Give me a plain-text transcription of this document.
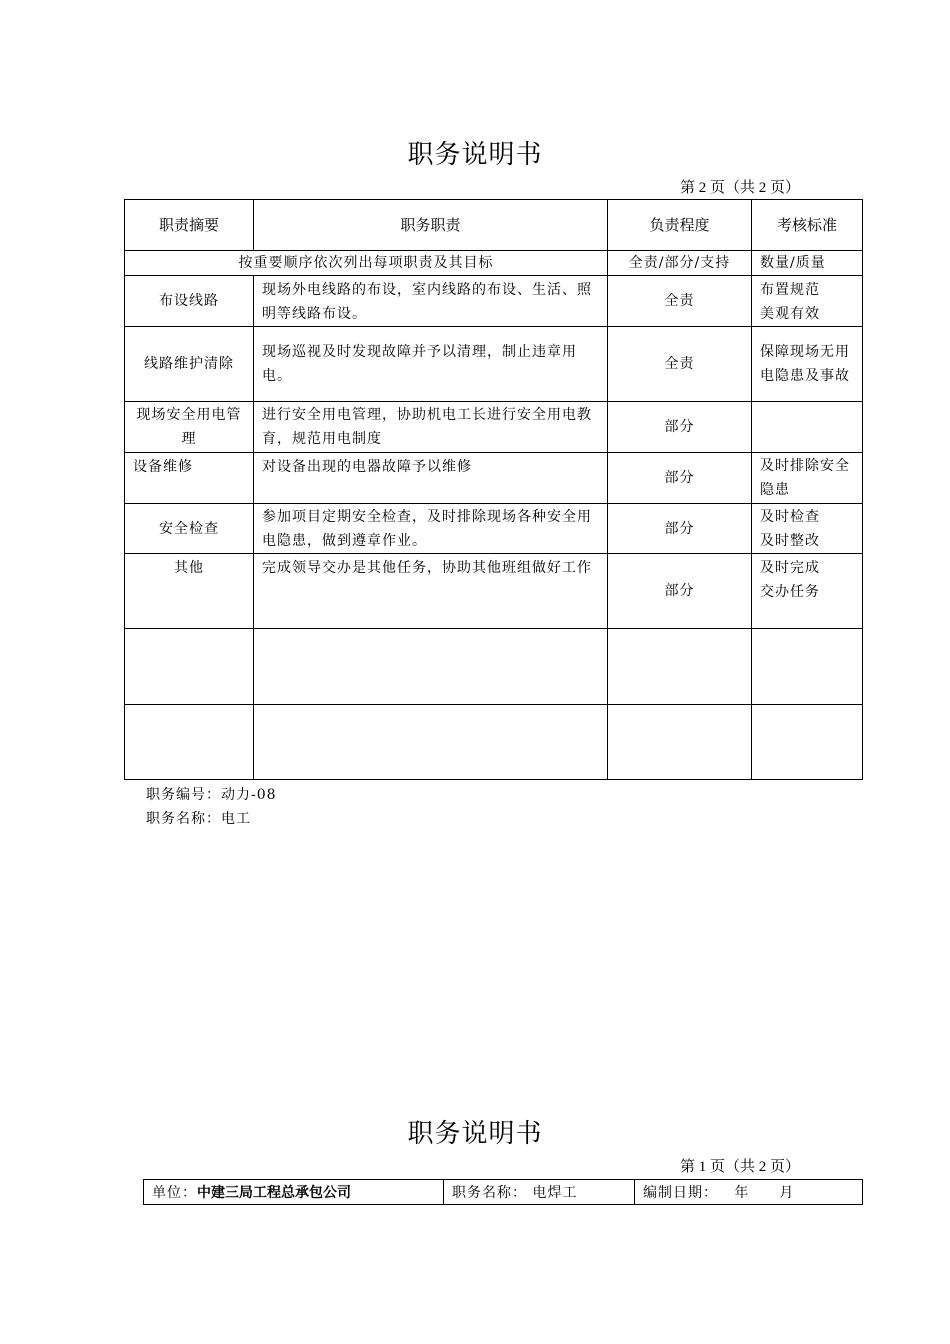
职务说明书
第 2 页（共 2 页）
职责摘要	职务职责	负责程度	考核标准
按重要顺序依次列出每项职责及其目标		全责/部分/支持	数量/质量
布设线路	现场外电线路的布设，室内线路的布设、生活、照明等线路布设。	全责	布置规范
美观有效
线路维护清除	现场巡视及时发现故障并予以清理，制止违章用电。	全责	保障现场无用电隐患及事故
现场安全用电管理	进行安全用电管理，协助机电工长进行安全用电教育，规范用电制度	部分	
设备维修	对设备出现的电器故障予以维修	部分	及时排除安全隐患
安全检查	参加项目定期安全检查，及时排除现场各种安全用电隐患，做到遵章作业。	部分	及时检查
及时整改
其他	完成领导交办是其他任务，协助其他班组做好工作	部分	及时完成
交办任务

职务编号：动力-08
职务名称：电工
职务说明书
第 1 页（共 2 页）
单位：中建三局工程总承包公司	职务名称： 电焊工	编制日期： 年　　月
